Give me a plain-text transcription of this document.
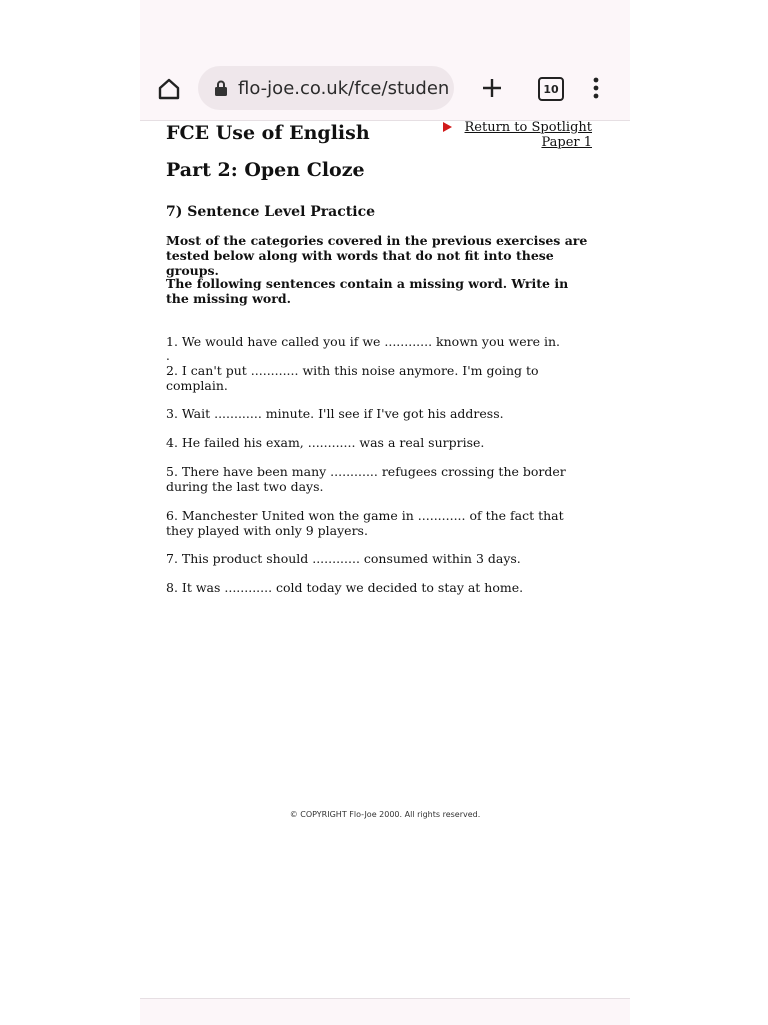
flo-joe.co.uk/fce/studen	10
Return to Spotlight
Paper 1
FCE Use of English
Part 2: Open Cloze
7) Sentence Level Practice

Most of the categories covered in the previous exercises are tested below along with words that do not fit into these groups.

The following sentences contain a missing word. Write in the missing word.

1. We would have called you if we ............ known you were in.

.

2. I can't put ............ with this noise anymore. I'm going to complain.

3. Wait ............ minute. I'll see if I've got his address.

4. He failed his exam, ............ was a real surprise.

5. There have been many ............ refugees crossing the border during the last two days.

6. Manchester United won the game in ............ of the fact that they played with only 9 players.

7. This product should ............ consumed within 3 days.

8. It was ............ cold today we decided to stay at home.

© COPYRIGHT Flo-Joe 2000. All rights reserved.
